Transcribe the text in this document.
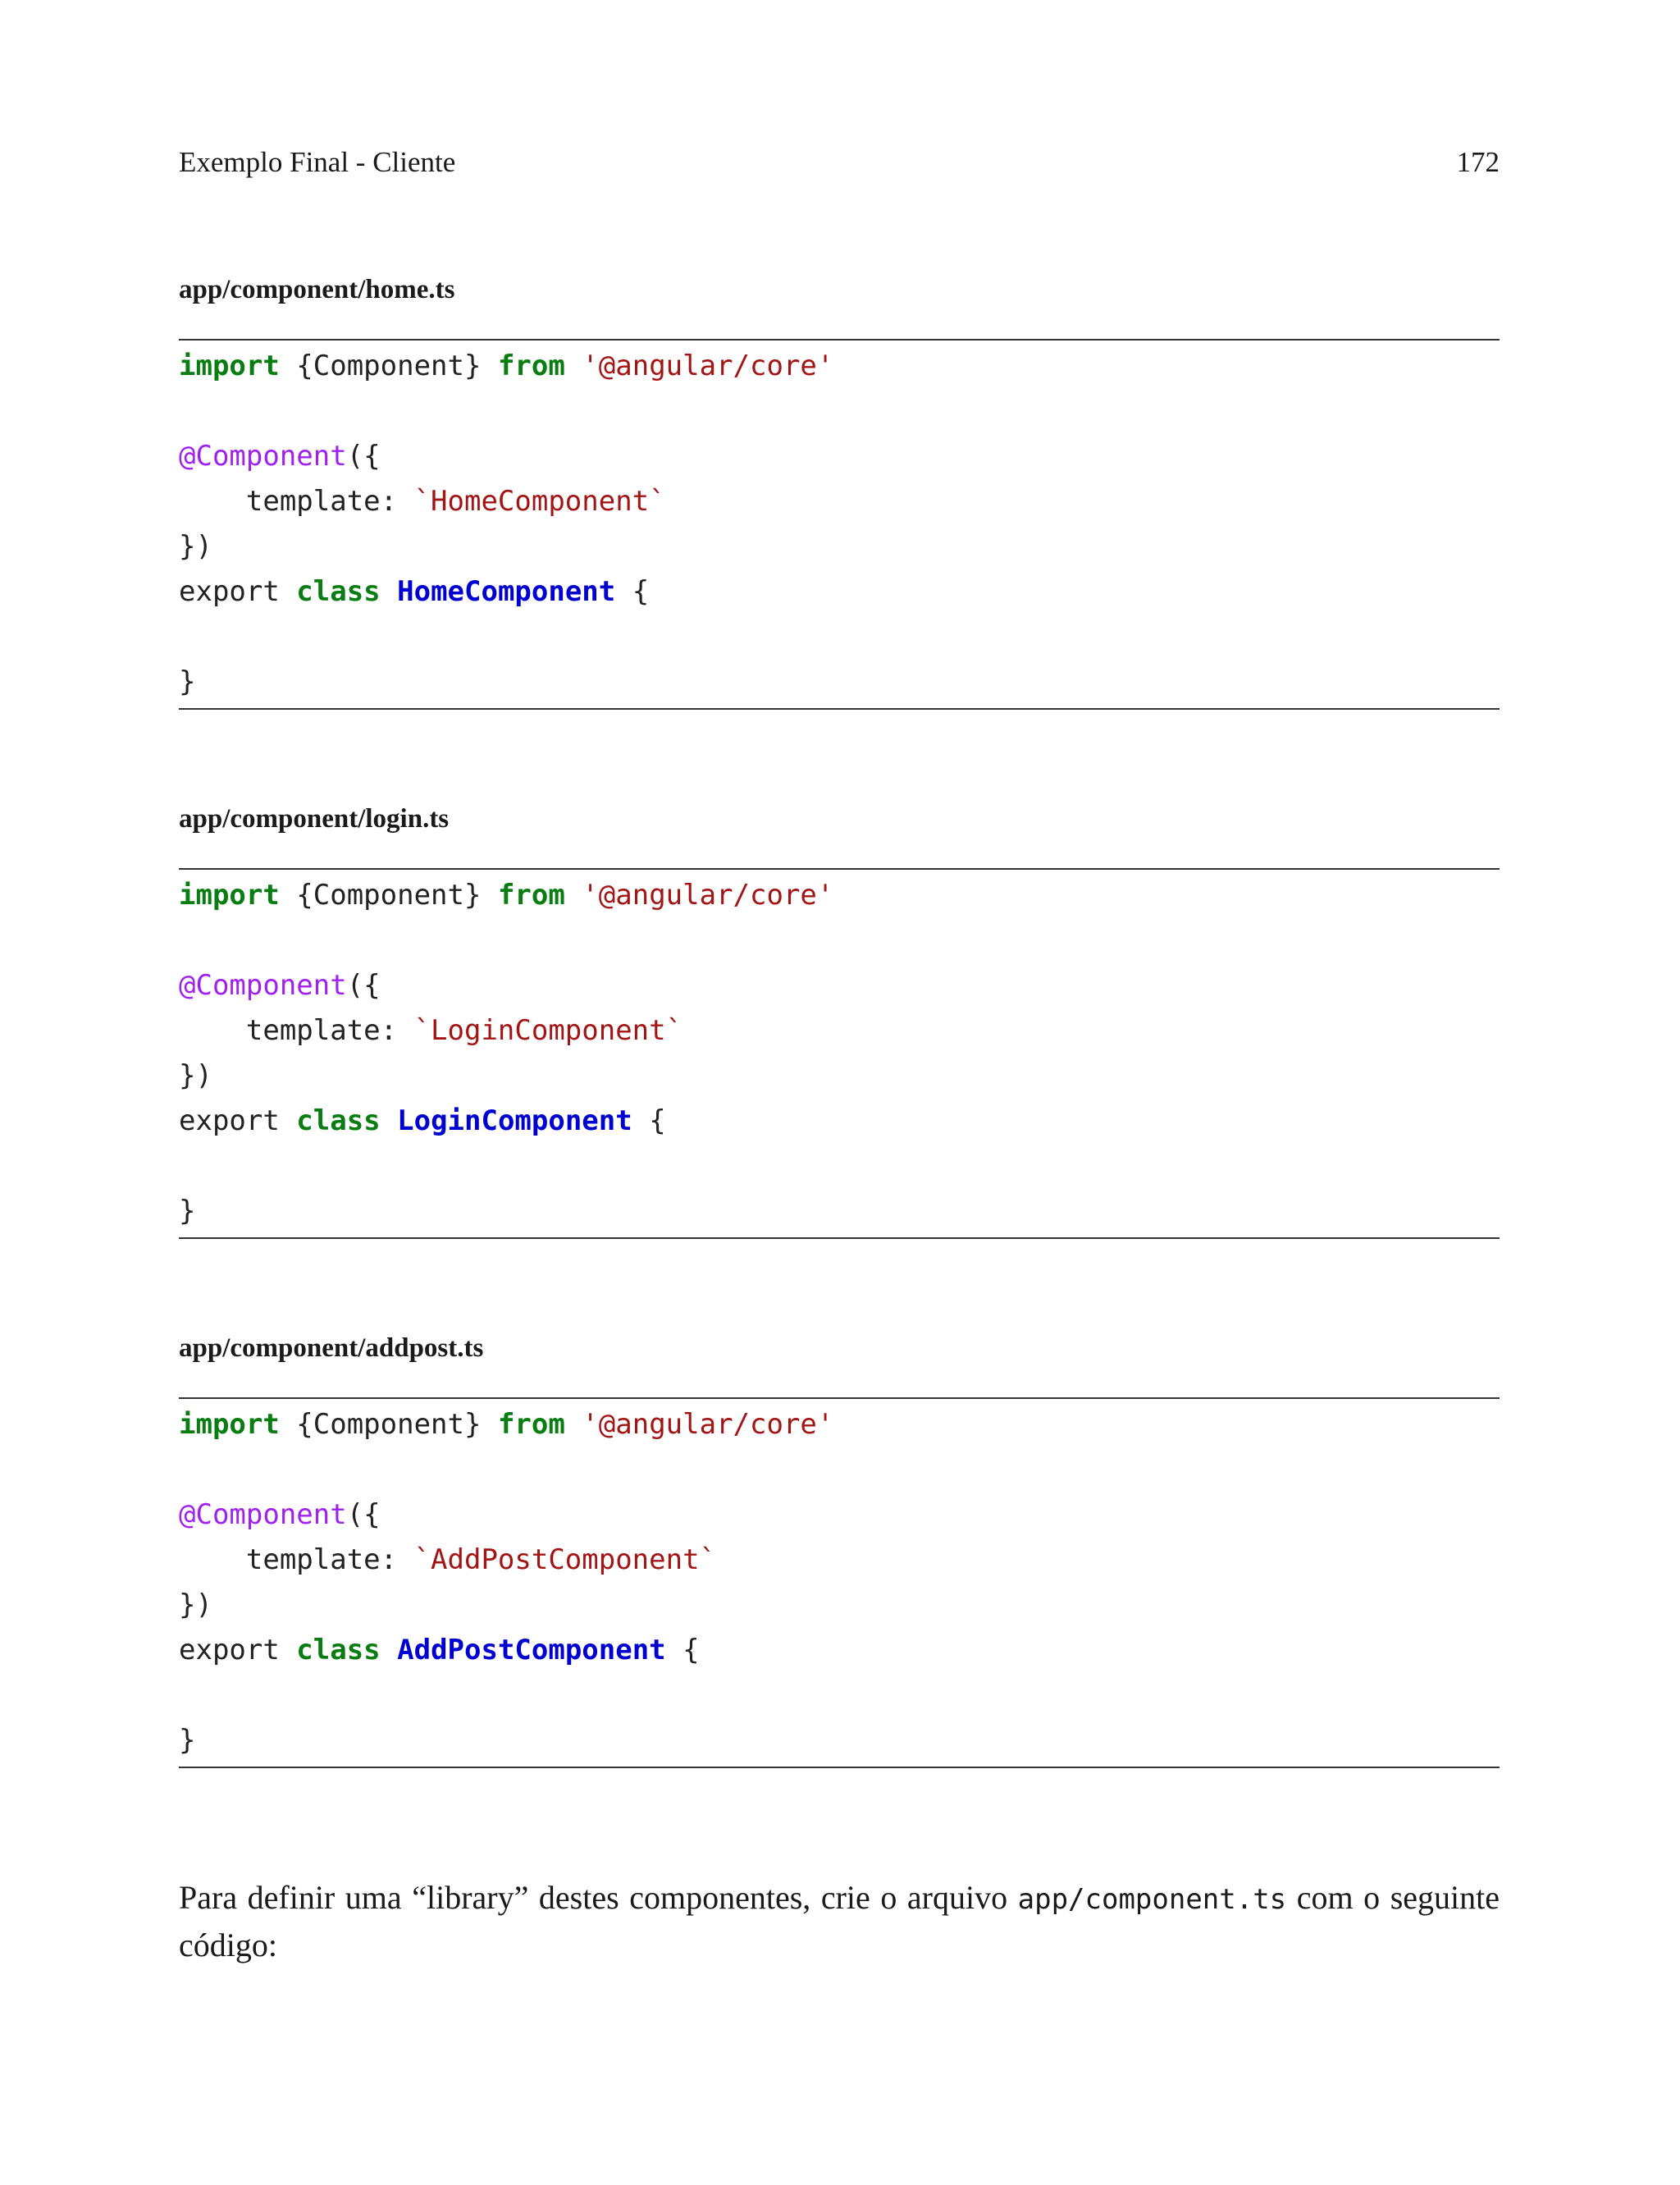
Exemplo Final - Cliente	172
app/component/home.ts
import {Component} from '@angular/core'
@Component({
template: `HomeComponent`
})
export class HomeComponent {
}
app/component/login.ts
import {Component} from '@angular/core'
@Component({
template: `LoginComponent`
})
export class LoginComponent {
}
app/component/addpost.ts
import {Component} from '@angular/core'
@Component({
template: `AddPostComponent`
})
export class AddPostComponent {
}

Para definir uma “library” destes componentes, crie o arquivo app/component.ts com o seguinte código:
